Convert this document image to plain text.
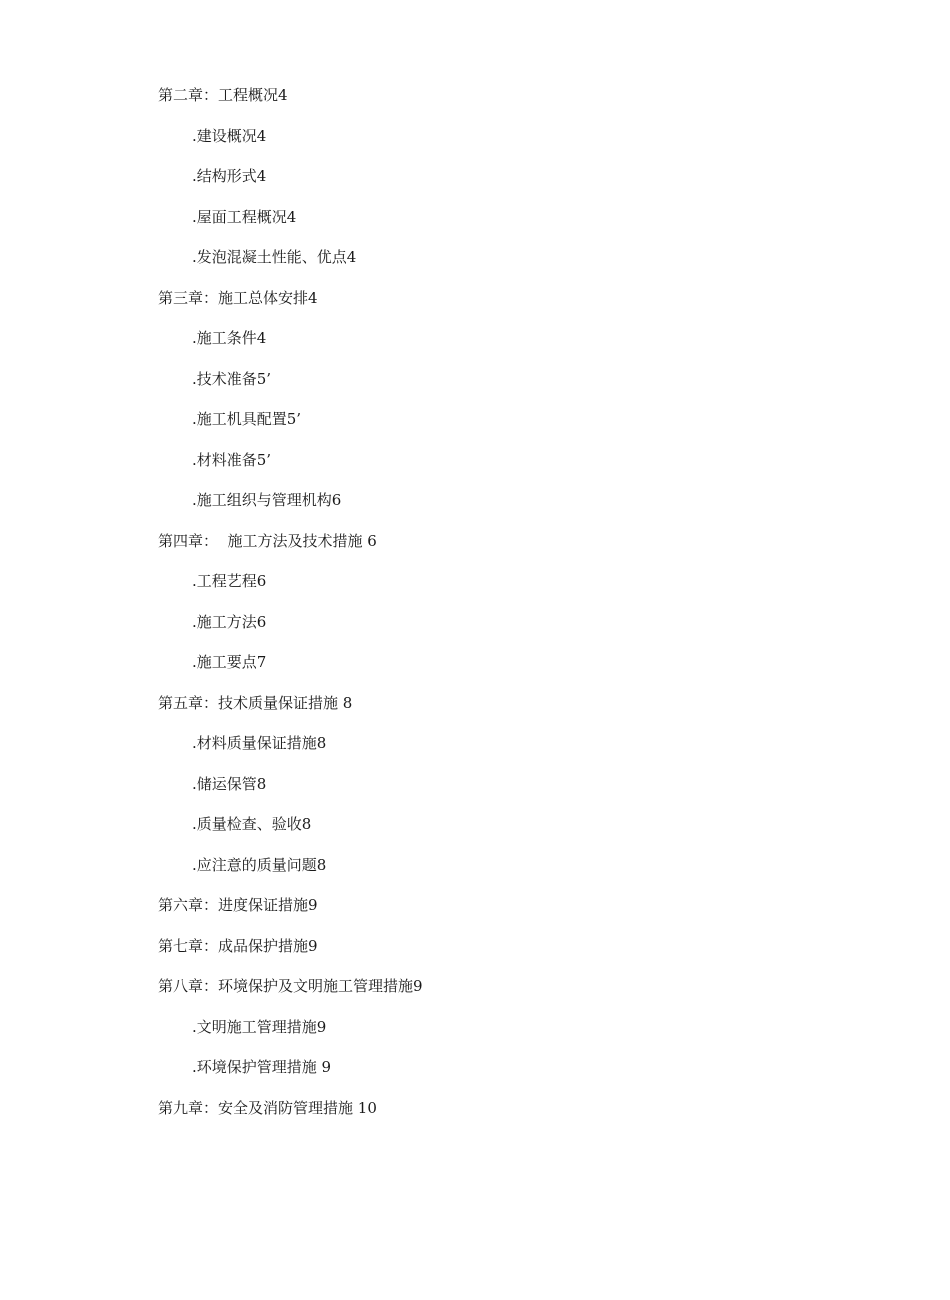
第二章：工程概况4
.建设概况4
.结构形式4
.屋面工程概况4
.发泡混凝土性能、优点4
第三章：施工总体安排4
.施工条件4
.技术准备5’
.施工机具配置5’
.材料准备5’
.施工组织与管理机构6
第四章：  施工方法及技术措施 6
.工程艺程6
.施工方法6
.施工要点7
第五章：技术质量保证措施 8
.材料质量保证措施8
.储运保管8
.质量检查、验收8
.应注意的质量问题8
第六章：进度保证措施9
第七章：成品保护措施9
第八章：环境保护及文明施工管理措施9
.文明施工管理措施9
.环境保护管理措施 9
第九章：安全及消防管理措施 10
